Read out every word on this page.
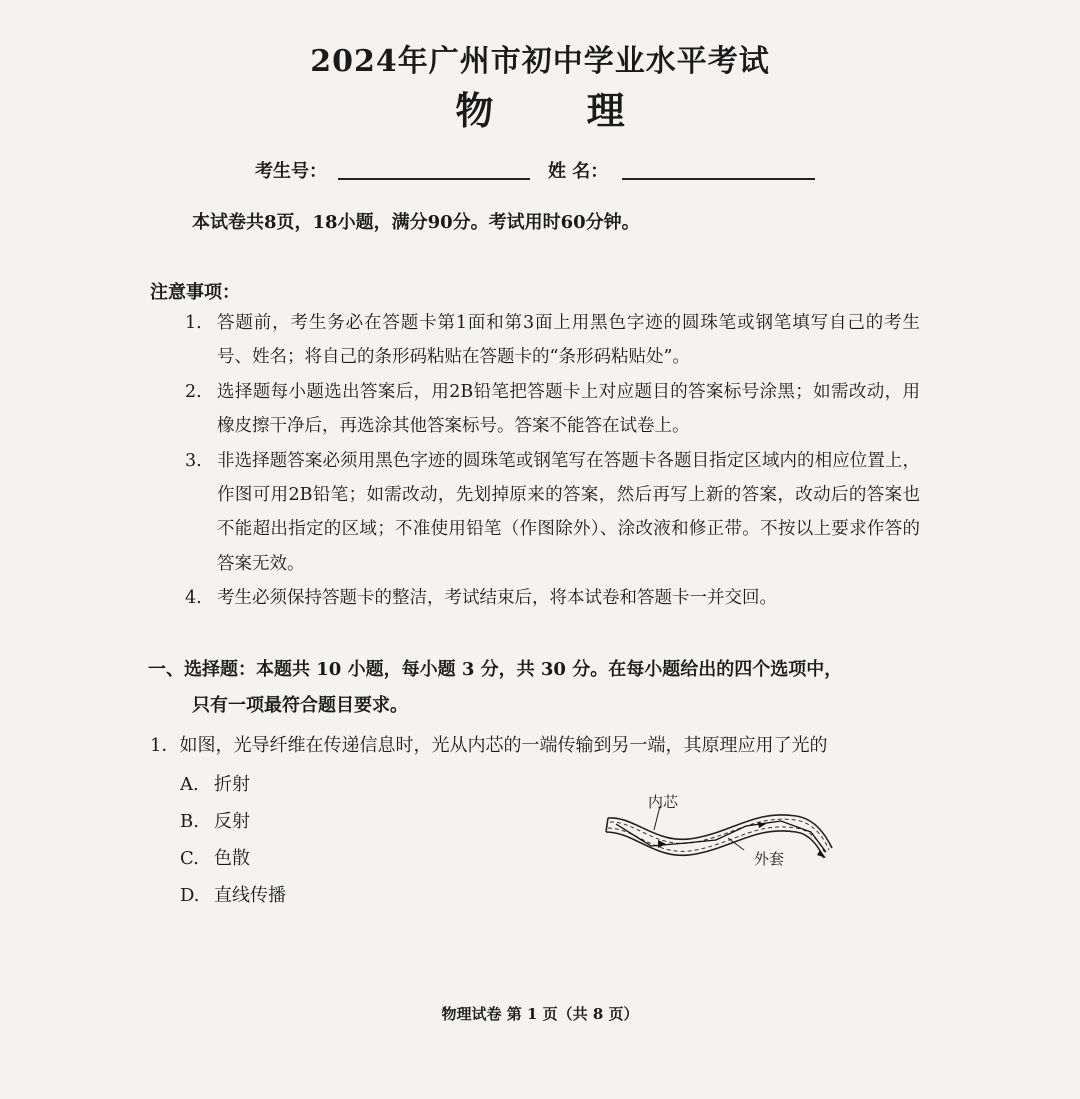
2024年广州市初中学业水平考试
物 理
考生号：	姓 名：
本试卷共8页，18小题，满分90分。考试用时60分钟。
注意事项：
1. 答题前，考生务必在答题卡第1面和第3面上用黑色字迹的圆珠笔或钢笔填写自己的考生号、姓名；将自己的条形码粘贴在答题卡的“条形码粘贴处”。
2. 选择题每小题选出答案后，用2B铅笔把答题卡上对应题目的答案标号涂黑；如需改动，用橡皮擦干净后，再选涂其他答案标号。答案不能答在试卷上。
3. 非选择题答案必须用黑色字迹的圆珠笔或钢笔写在答题卡各题目指定区域内的相应位置上，作图可用2B铅笔；如需改动，先划掉原来的答案，然后再写上新的答案，改动后的答案也不能超出指定的区域；不准使用铅笔（作图除外）、涂改液和修正带。不按以上要求作答的答案无效。
4. 考生必须保持答题卡的整洁，考试结束后，将本试卷和答题卡一并交回。
一、选择题：本题共 10 小题，每小题 3 分，共 30 分。在每小题给出的四个选项中，
只有一项最符合题目要求。
1．如图，光导纤维在传递信息时，光从内芯的一端传输到另一端，其原理应用了光的
A. 折射
B. 反射
C. 色散
D. 直线传播
内芯
外套
物理试卷 第 1 页（共 8 页）
